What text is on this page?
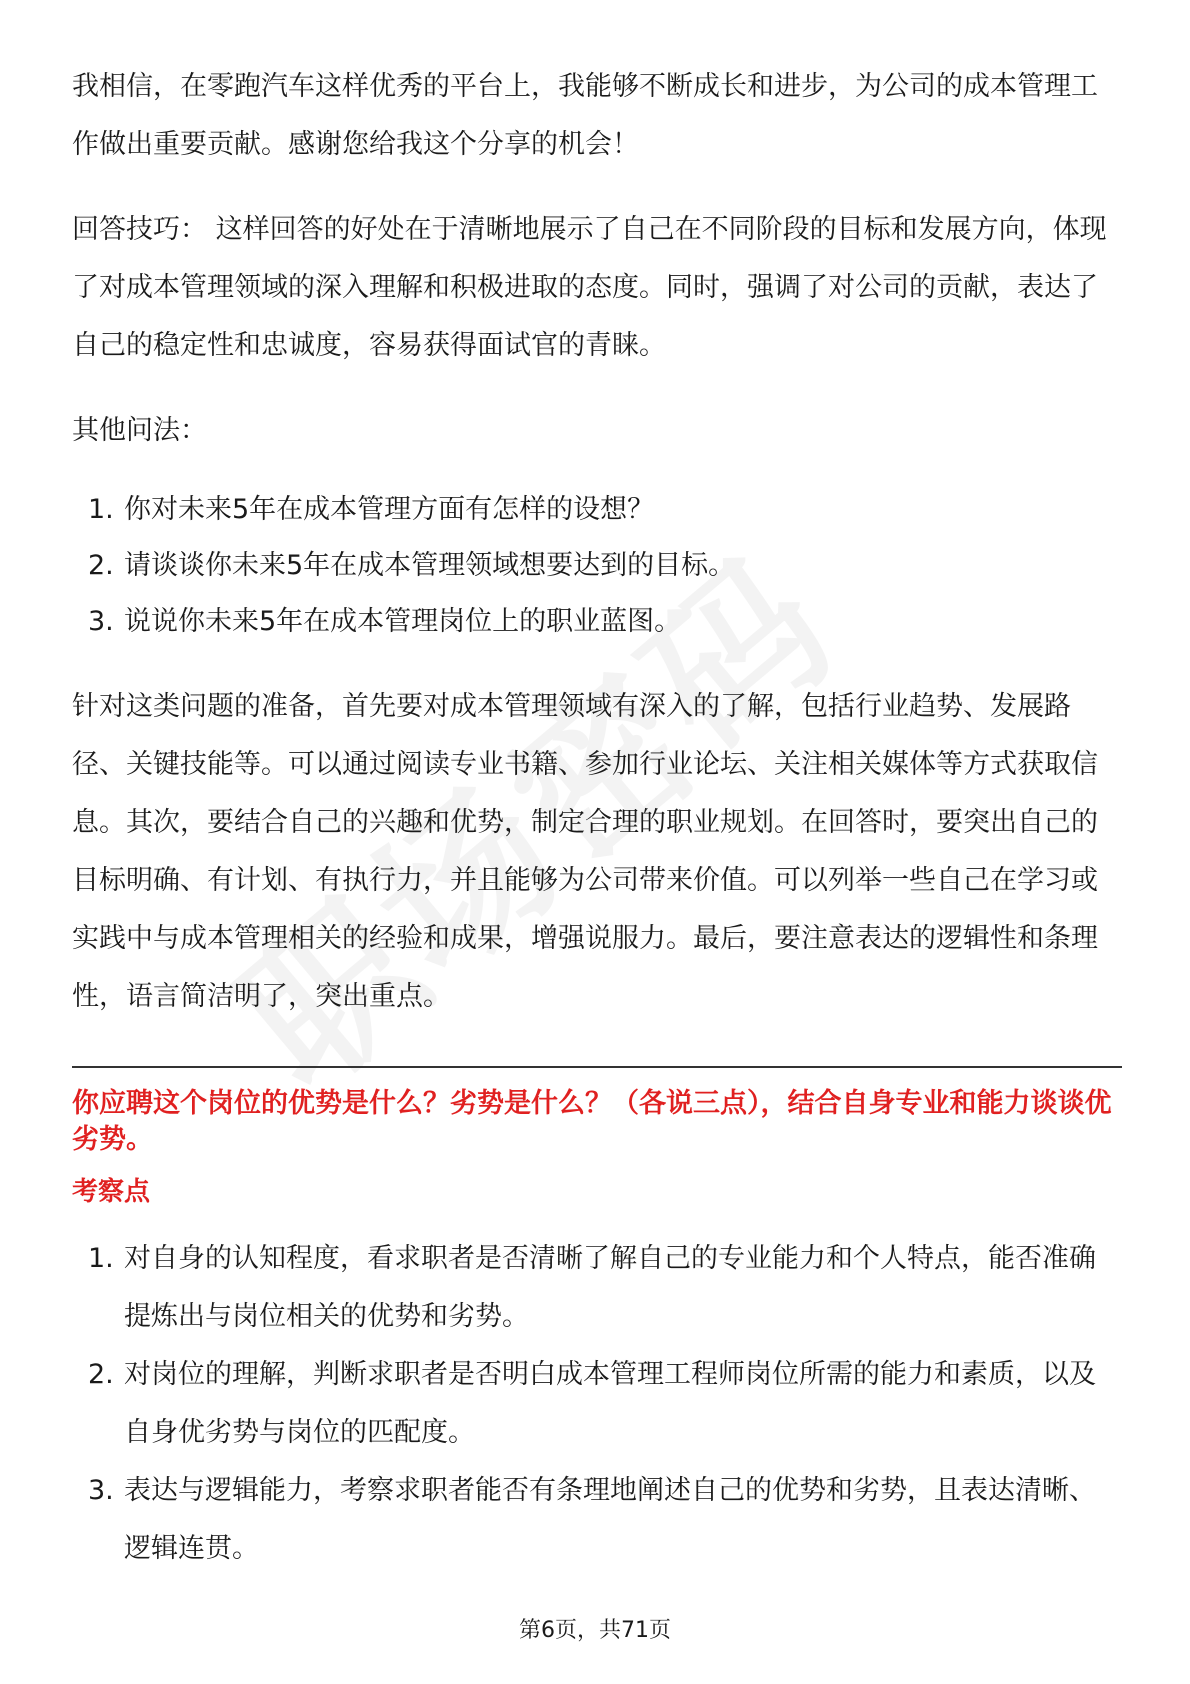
我相信，在零跑汽车这样优秀的平台上，我能够不断成长和进步，为公司的成本管理工作做出重要贡献。感谢您给我这个分享的机会！

回答技巧： 这样回答的好处在于清晰地展示了自己在不同阶段的目标和发展方向，体现了对成本管理领域的深入理解和积极进取的态度。同时，强调了对公司的贡献，表达了自己的稳定性和忠诚度，容易获得面试官的青睐。

其他问法：

1. 你对未来5年在成本管理方面有怎样的设想？
2. 请谈谈你未来5年在成本管理领域想要达到的目标。
3. 说说你未来5年在成本管理岗位上的职业蓝图。

针对这类问题的准备，首先要对成本管理领域有深入的了解，包括行业趋势、发展路径、关键技能等。可以通过阅读专业书籍、参加行业论坛、关注相关媒体等方式获取信息。其次，要结合自己的兴趣和优势，制定合理的职业规划。在回答时，要突出自己的目标明确、有计划、有执行力，并且能够为公司带来价值。可以列举一些自己在学习或实践中与成本管理相关的经验和成果，增强说服力。最后，要注意表达的逻辑性和条理性，语言简洁明了，突出重点。

你应聘这个岗位的优势是什么？劣势是什么？（各说三点），结合自身专业和能力谈谈优劣势。

考察点

1. 对自身的认知程度，看求职者是否清晰了解自己的专业能力和个人特点，能否准确提炼出与岗位相关的优势和劣势。
2. 对岗位的理解，判断求职者是否明白成本管理工程师岗位所需的能力和素质，以及自身优劣势与岗位的匹配度。
3. 表达与逻辑能力，考察求职者能否有条理地阐述自己的优势和劣势，且表达清晰、逻辑连贯。
第6页，共71页
